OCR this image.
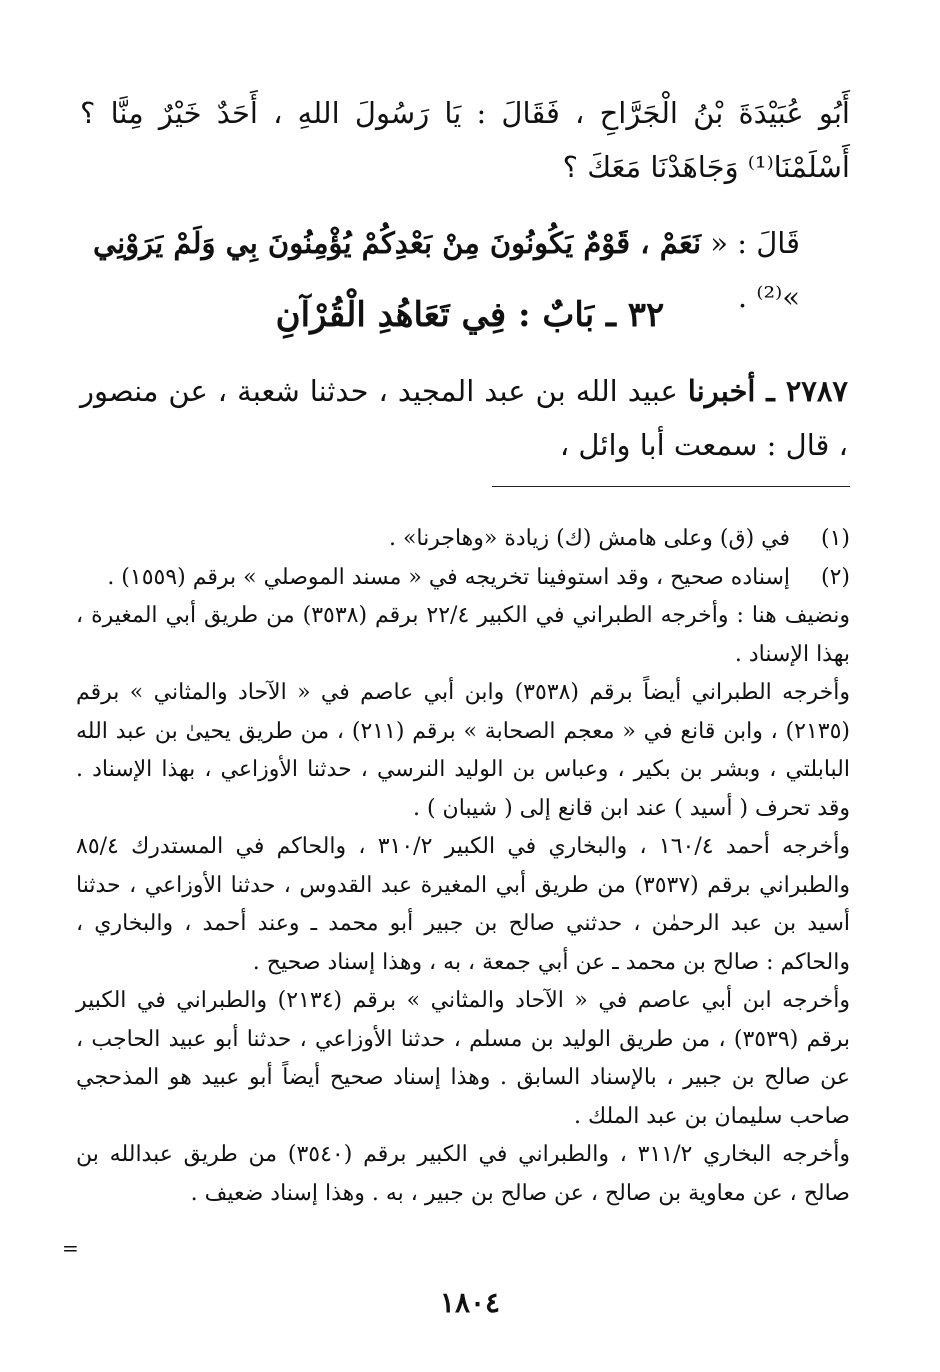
أَبُو عُبَيْدَةَ بْنُ الْجَرَّاحِ ، فَقَالَ : يَا رَسُولَ اللهِ ، أَحَدٌ خَيْرٌ مِنَّا ؟ أَسْلَمْنَا⁽¹⁾ وَجَاهَدْنَا مَعَكَ ؟
قَالَ : « نَعَمْ ، قَوْمٌ يَكُونُونَ مِنْ بَعْدِكُمْ يُؤْمِنُونَ بِي وَلَمْ يَرَوْنِي »⁽²⁾ .
٣٢ ـ بَابٌ : فِي تَعَاهُدِ الْقُرْآنِ
٢٧٨٧ ـ أخبرنا عبيد الله بن عبد المجيد ، حدثنا شعبة ، عن منصور ، قال : سمعت أبا وائل ،
(١)
في (ق) وعلى هامش (ك) زيادة «وهاجرنا» .
(٢)
إسناده صحيح ، وقد استوفينا تخريجه في « مسند الموصلي » برقم (١٥٥٩) .
ونضيف هنا : وأخرجه الطبراني في الكبير ٢٢/٤ برقم (٣٥٣٨) من طريق أبي المغيرة ، بهذا الإسناد .
وأخرجه الطبراني أيضاً برقم (٣٥٣٨) وابن أبي عاصم في « الآحاد والمثاني » برقم (٢١٣٥) ، وابن قانع في « معجم الصحابة » برقم (٢١١) ، من طريق يحيىٰ بن عبد الله البابلتي ، وبشر بن بكير ، وعباس بن الوليد النرسي ، حدثنا الأوزاعي ، بهذا الإسناد . وقد تحرف ( أسيد ) عند ابن قانع إلى ( شيبان ) .
وأخرجه أحمد ١٦٠/٤ ، والبخاري في الكبير ٣١٠/٢ ، والحاكم في المستدرك ٨٥/٤ والطبراني برقم (٣٥٣٧) من طريق أبي المغيرة عبد القدوس ، حدثنا الأوزاعي ، حدثنا أسيد بن عبد الرحمٰن ، حدثني صالح بن جبير أبو محمد ـ وعند أحمد ، والبخاري ، والحاكم : صالح بن محمد ـ عن أبي جمعة ، به ، وهذا إسناد صحيح .
وأخرجه ابن أبي عاصم في « الآحاد والمثاني » برقم (٢١٣٤) والطبراني في الكبير برقم (٣٥٣٩) ، من طريق الوليد بن مسلم ، حدثنا الأوزاعي ، حدثنا أبو عبيد الحاجب ، عن صالح بن جبير ، بالإسناد السابق . وهذا إسناد صحيح أيضاً أبو عبيد هو المذحجي صاحب سليمان بن عبد الملك .
وأخرجه البخاري ٣١١/٢ ، والطبراني في الكبير برقم (٣٥٤٠) من طريق عبدالله بن صالح ، عن معاوية بن صالح ، عن صالح بن جبير ، به . وهذا إسناد ضعيف .
=
١٨٠٤
